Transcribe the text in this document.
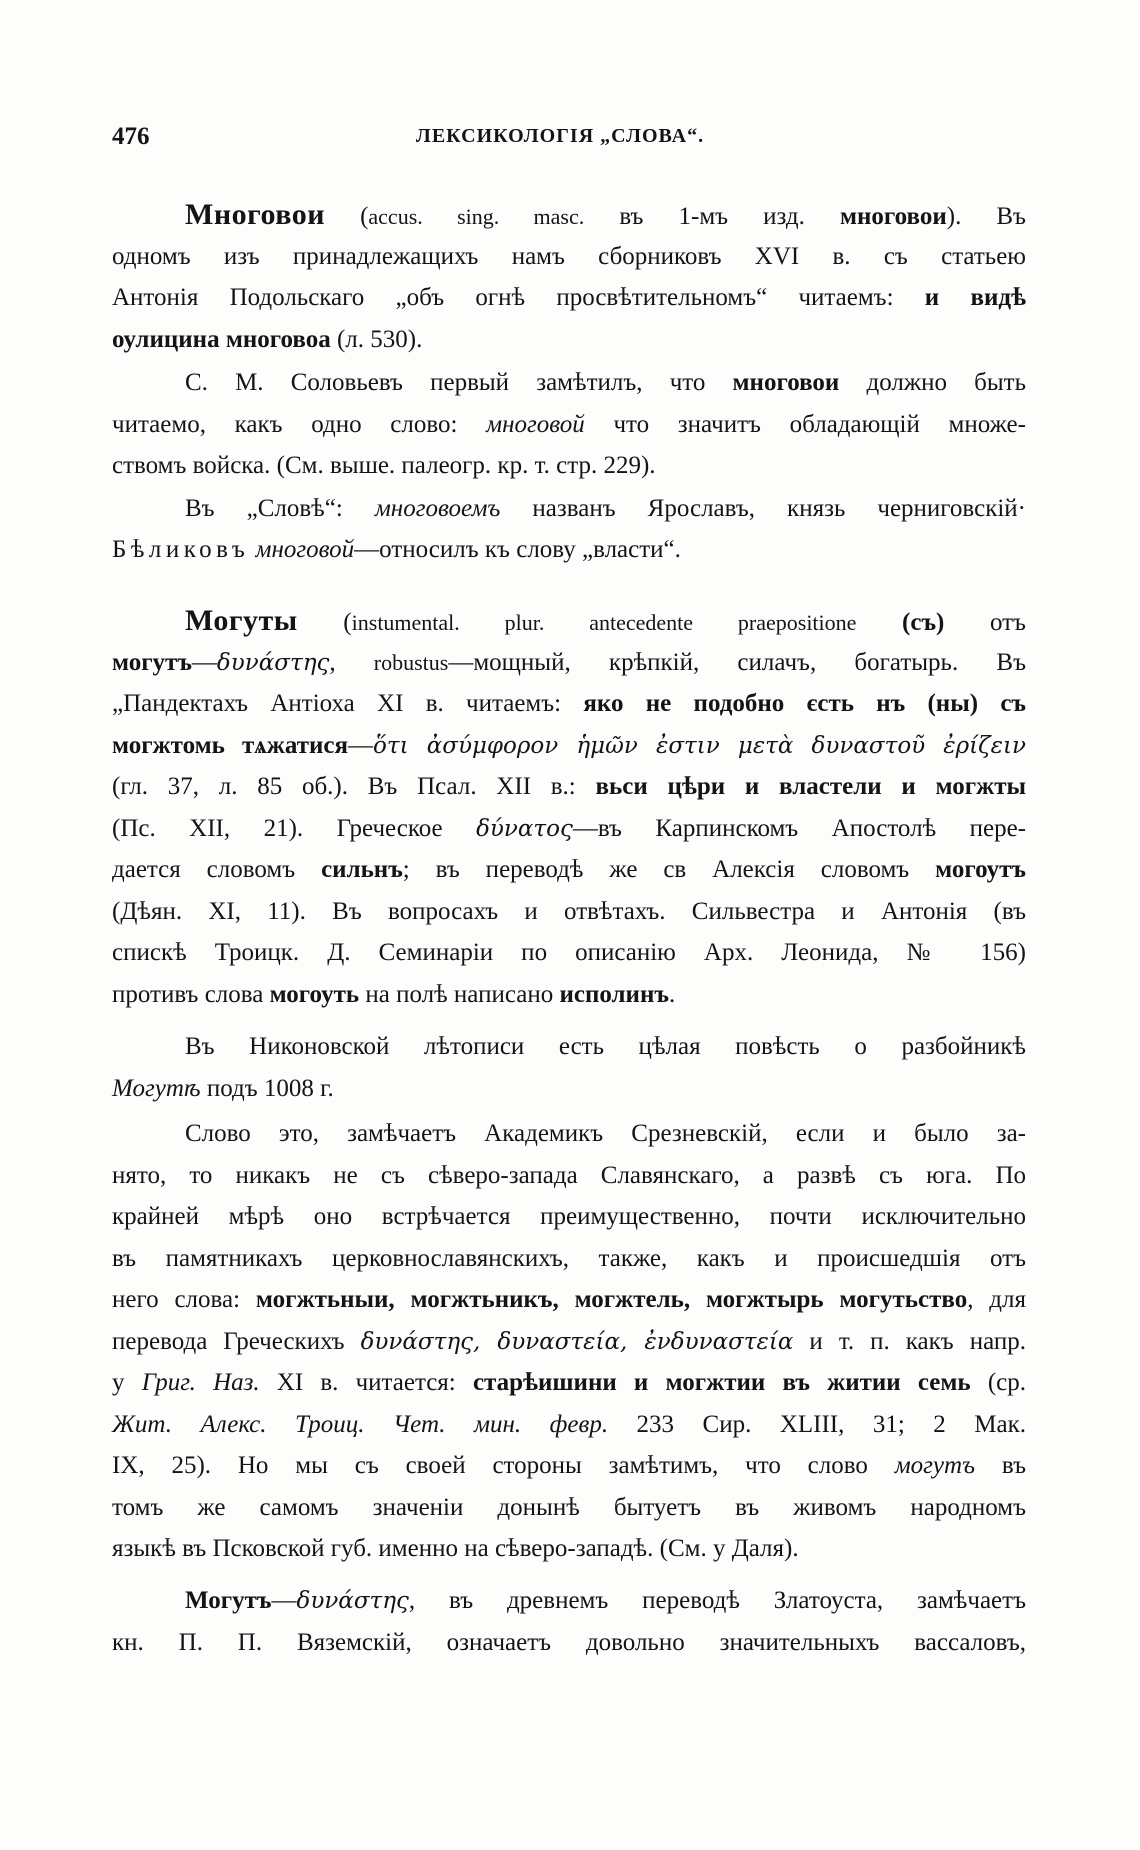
476	ЛЕКСИКОЛОГІЯ „СЛОВА“.
Многовои (accus. sing. masc. въ 1-мъ изд. многовои). Въ
одномъ изъ принадлежащихъ намъ сборниковъ XVI в. съ статьею
Антонія Подольскаго „объ огнѣ просвѣтительномъ“ читаемъ: и видѣ
оулицина многовоа (л. 530).
С. М. Соловьевъ первый замѣтилъ, что многовои должно быть
читаемо, какъ одно слово: многовой что значитъ обладающій множе-
ствомъ войска. (См. выше. палеогр. кр. т. стр. 229).
Въ „Словѣ“: многовоемъ названъ Ярославъ, князь черниговскій·
Бѣликовъ многовой—относилъ къ слову „власти“.
Могуты (instumental. plur. antecedente praepositione (съ) отъ
могутъ—δυνάστης, robustus—мощный, крѣпкій, силачъ, богатырь. Въ
„Пандектахъ Антіоха XI в. читаемъ: яко не подобно єсть нъ (ны) съ
могжтомь тѧжатися—ὅτι ἀσύμφορον ἡμῶν ἐστιν μετὰ δυναστοῦ ἐρίζειν
(гл. 37, л. 85 об.). Въ Псал. XII в.: вьси цѣри и властели и могжты
(Пс. XII, 21). Греческое δύνατος—въ Карпинскомъ Апостолѣ пере-
дается словомъ сильнъ; въ переводѣ же св Алексія словомъ могоутъ
(Дѣян. XI, 11). Въ вопросахъ и отвѣтахъ. Сильвестра и Антонія (въ
спискѣ Троицк. Д. Семинаріи по описанію Арх. Леонида, № 156)
противъ слова могоуть на полѣ написано исполинъ.
Въ Никоновской лѣтописи есть цѣлая повѣсть о разбойникѣ
Могутѣ подъ 1008 г.
Слово это, замѣчаетъ Академикъ Срезневскій, если и было за-
нято, то никакъ не съ сѣверо-запада Славянскаго, а развѣ съ юга. По
крайней мѣрѣ оно встрѣчается преимущественно, почти исключительно
въ памятникахъ церковнославянскихъ, также, какъ и происшедшія отъ
него слова: могжтьныи, могжтьникъ, могжтель, могжтырь могутьство, для
перевода Греческихъ δυνάστης, δυναστεία, ἐνδυναστεία и т. п. какъ напр.
у Григ. Наз. XI в. читается: старѣишини и могжтии въ житии семь (ср.
Жит. Алекс. Троиц. Чет. мин. февр. 233 Сир. XLIII, 31; 2 Мак.
IX, 25). Но мы съ своей стороны замѣтимъ, что слово могутъ въ
томъ же самомъ значеніи донынѣ бытуетъ въ живомъ народномъ
языкѣ въ Псковской губ. именно на сѣверо-западѣ. (См. у Даля).
Могутъ—δυνάστης, въ древнемъ переводѣ Златоуста, замѣчаетъ
кн. П. П. Вяземскій, означаетъ довольно значительныхъ вассаловъ,
